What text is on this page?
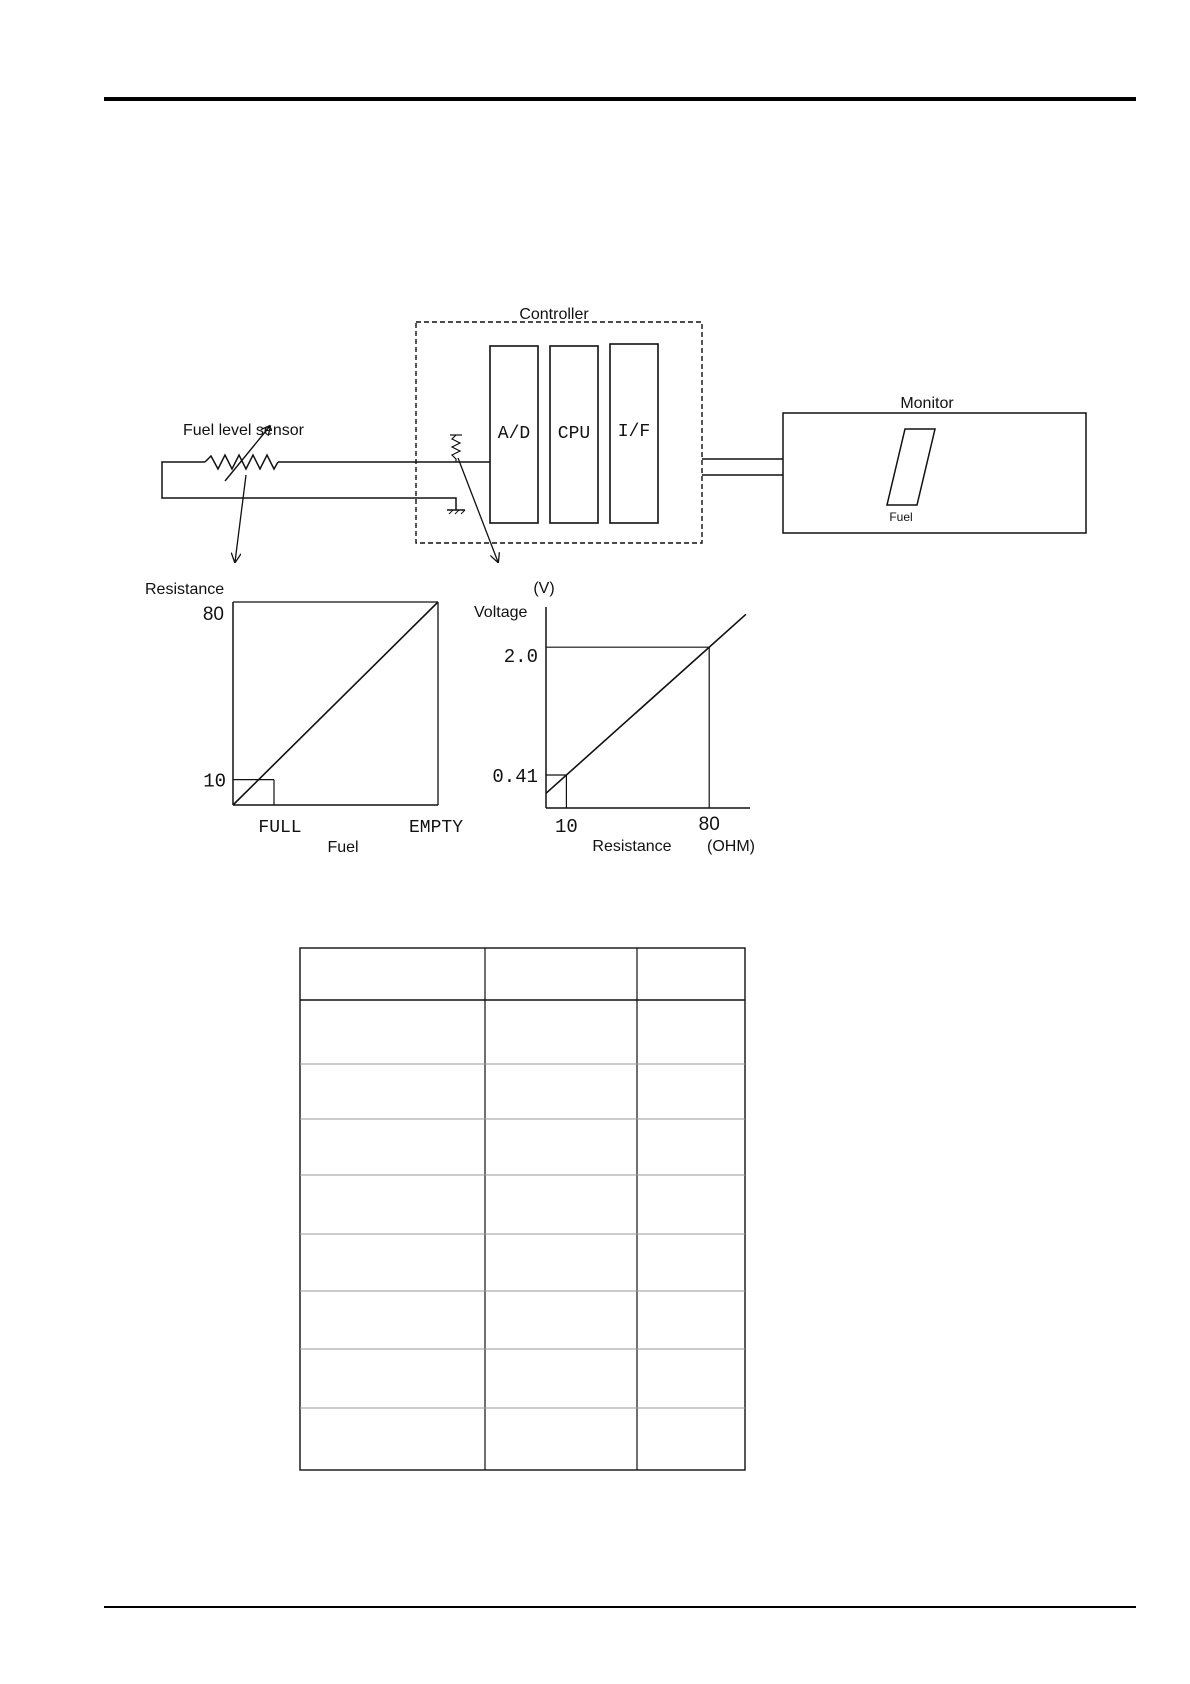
Controller
A/D CPU I/F
Fuel level sensor
Monitor
Fuel
Resistance
80
10
FULL	EMPTY
Fuel
(V)
Voltage
2.0
0.41
10	80
Resistance (OHM)
